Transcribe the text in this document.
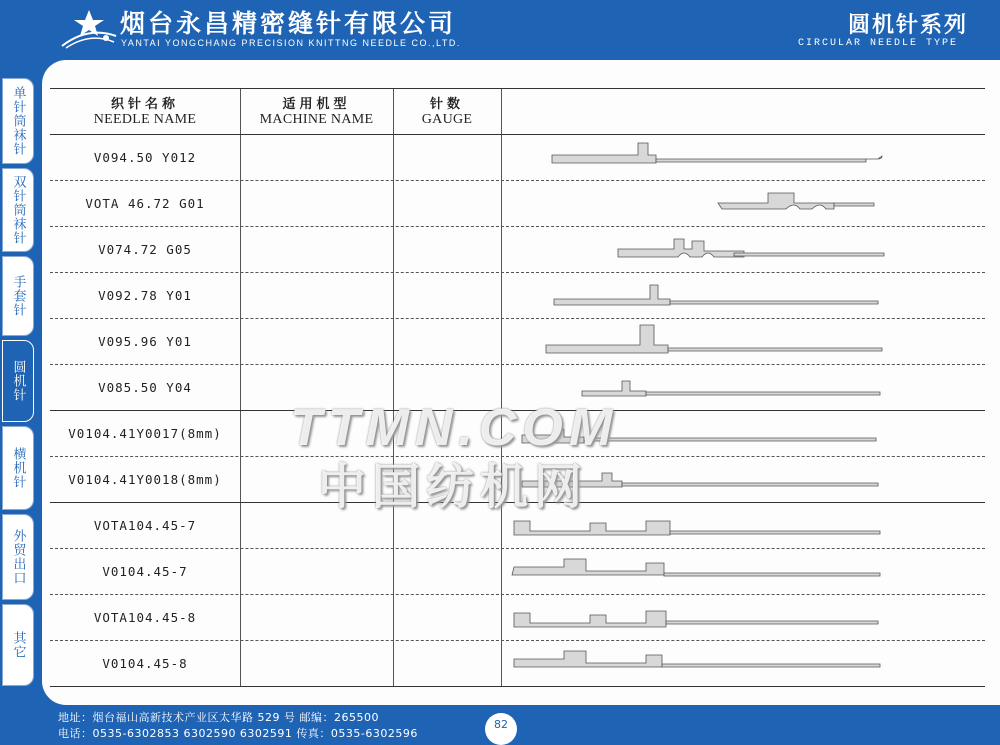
烟台永昌精密缝针有限公司
YANTAI YONGCHANG PRECISION KNITTNG NEEDLE CO.,LTD.
圆机针系列
CIRCULAR NEEDLE TYPE
单针筒袜针
双针筒袜针
手套针
圆机针
横机针
外贸出口
其它
织针名称
NEEDLE NAME
适用机型
MACHINE NAME
针数
GAUGE
V094.50 Y012
VOTA 46.72 G01
V074.72 G05
V092.78 Y01
V095.96 Y01
V085.50 Y04
V0104.41Y0017(8mm)
V0104.41Y0018(8mm)
VOTA104.45-7
V0104.45-7
VOTA104.45-8
V0104.45-8
TTMN.COM
中国纺机网
地址：烟台福山高新技术产业区太华路 529 号 邮编：265500
电话：0535-6302853 6302590 6302591 传真：0535-6302596
82
